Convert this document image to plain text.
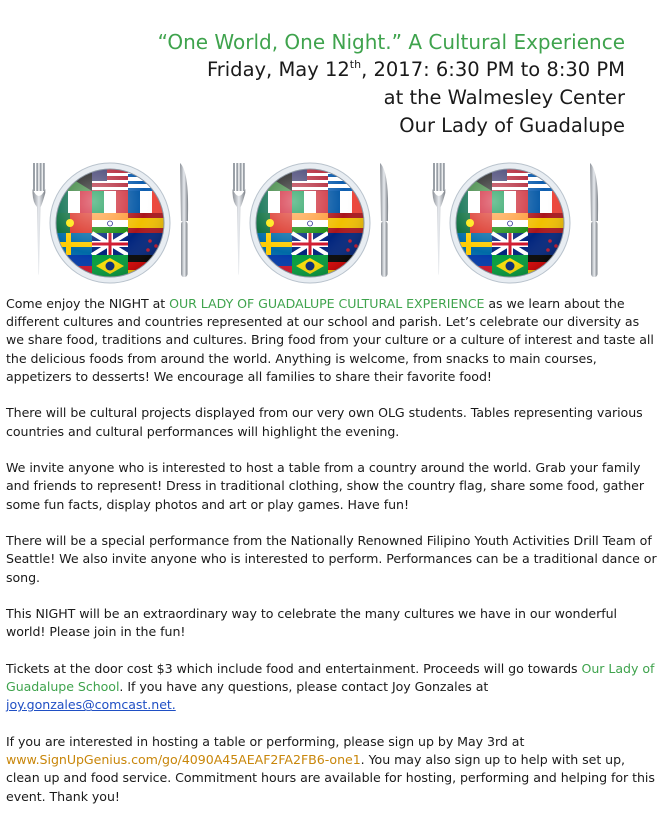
“One World, One Night.” A Cultural Experience
Friday, May 12th, 2017: 6:30 PM to 8:30 PM
at the Walmesley Center
Our Lady of Guadalupe

Come enjoy the NIGHT at OUR LADY OF GUADALUPE CULTURAL EXPERIENCE as we learn about the different cultures and countries represented at our school and parish. Let’s celebrate our diversity as we share food, traditions and cultures. Bring food from your culture or a culture of interest and taste all the delicious foods from around the world. Anything is welcome, from snacks to main courses, appetizers to desserts! We encourage all families to share their favorite food!

There will be cultural projects displayed from our very own OLG students. Tables representing various countries and cultural performances will highlight the evening.

We invite anyone who is interested to host a table from a country around the world. Grab your family and friends to represent! Dress in traditional clothing, show the country flag, share some food, gather some fun facts, display photos and art or play games. Have fun!

There will be a special performance from the Nationally Renowned Filipino Youth Activities Drill Team of Seattle! We also invite anyone who is interested to perform. Performances can be a traditional dance or song.

This NIGHT will be an extraordinary way to celebrate the many cultures we have in our wonderful world! Please join in the fun!

Tickets at the door cost $3 which include food and entertainment. Proceeds will go towards Our Lady of Guadalupe School. If you have any questions, please contact Joy Gonzales at joy.gonzales@comcast.net.

If you are interested in hosting a table or performing, please sign up by May 3rd at www.SignUpGenius.com/go/4090A45AEAF2FA2FB6-one1. You may also sign up to help with set up, clean up and food service. Commitment hours are available for hosting, performing and helping for this event. Thank you!
